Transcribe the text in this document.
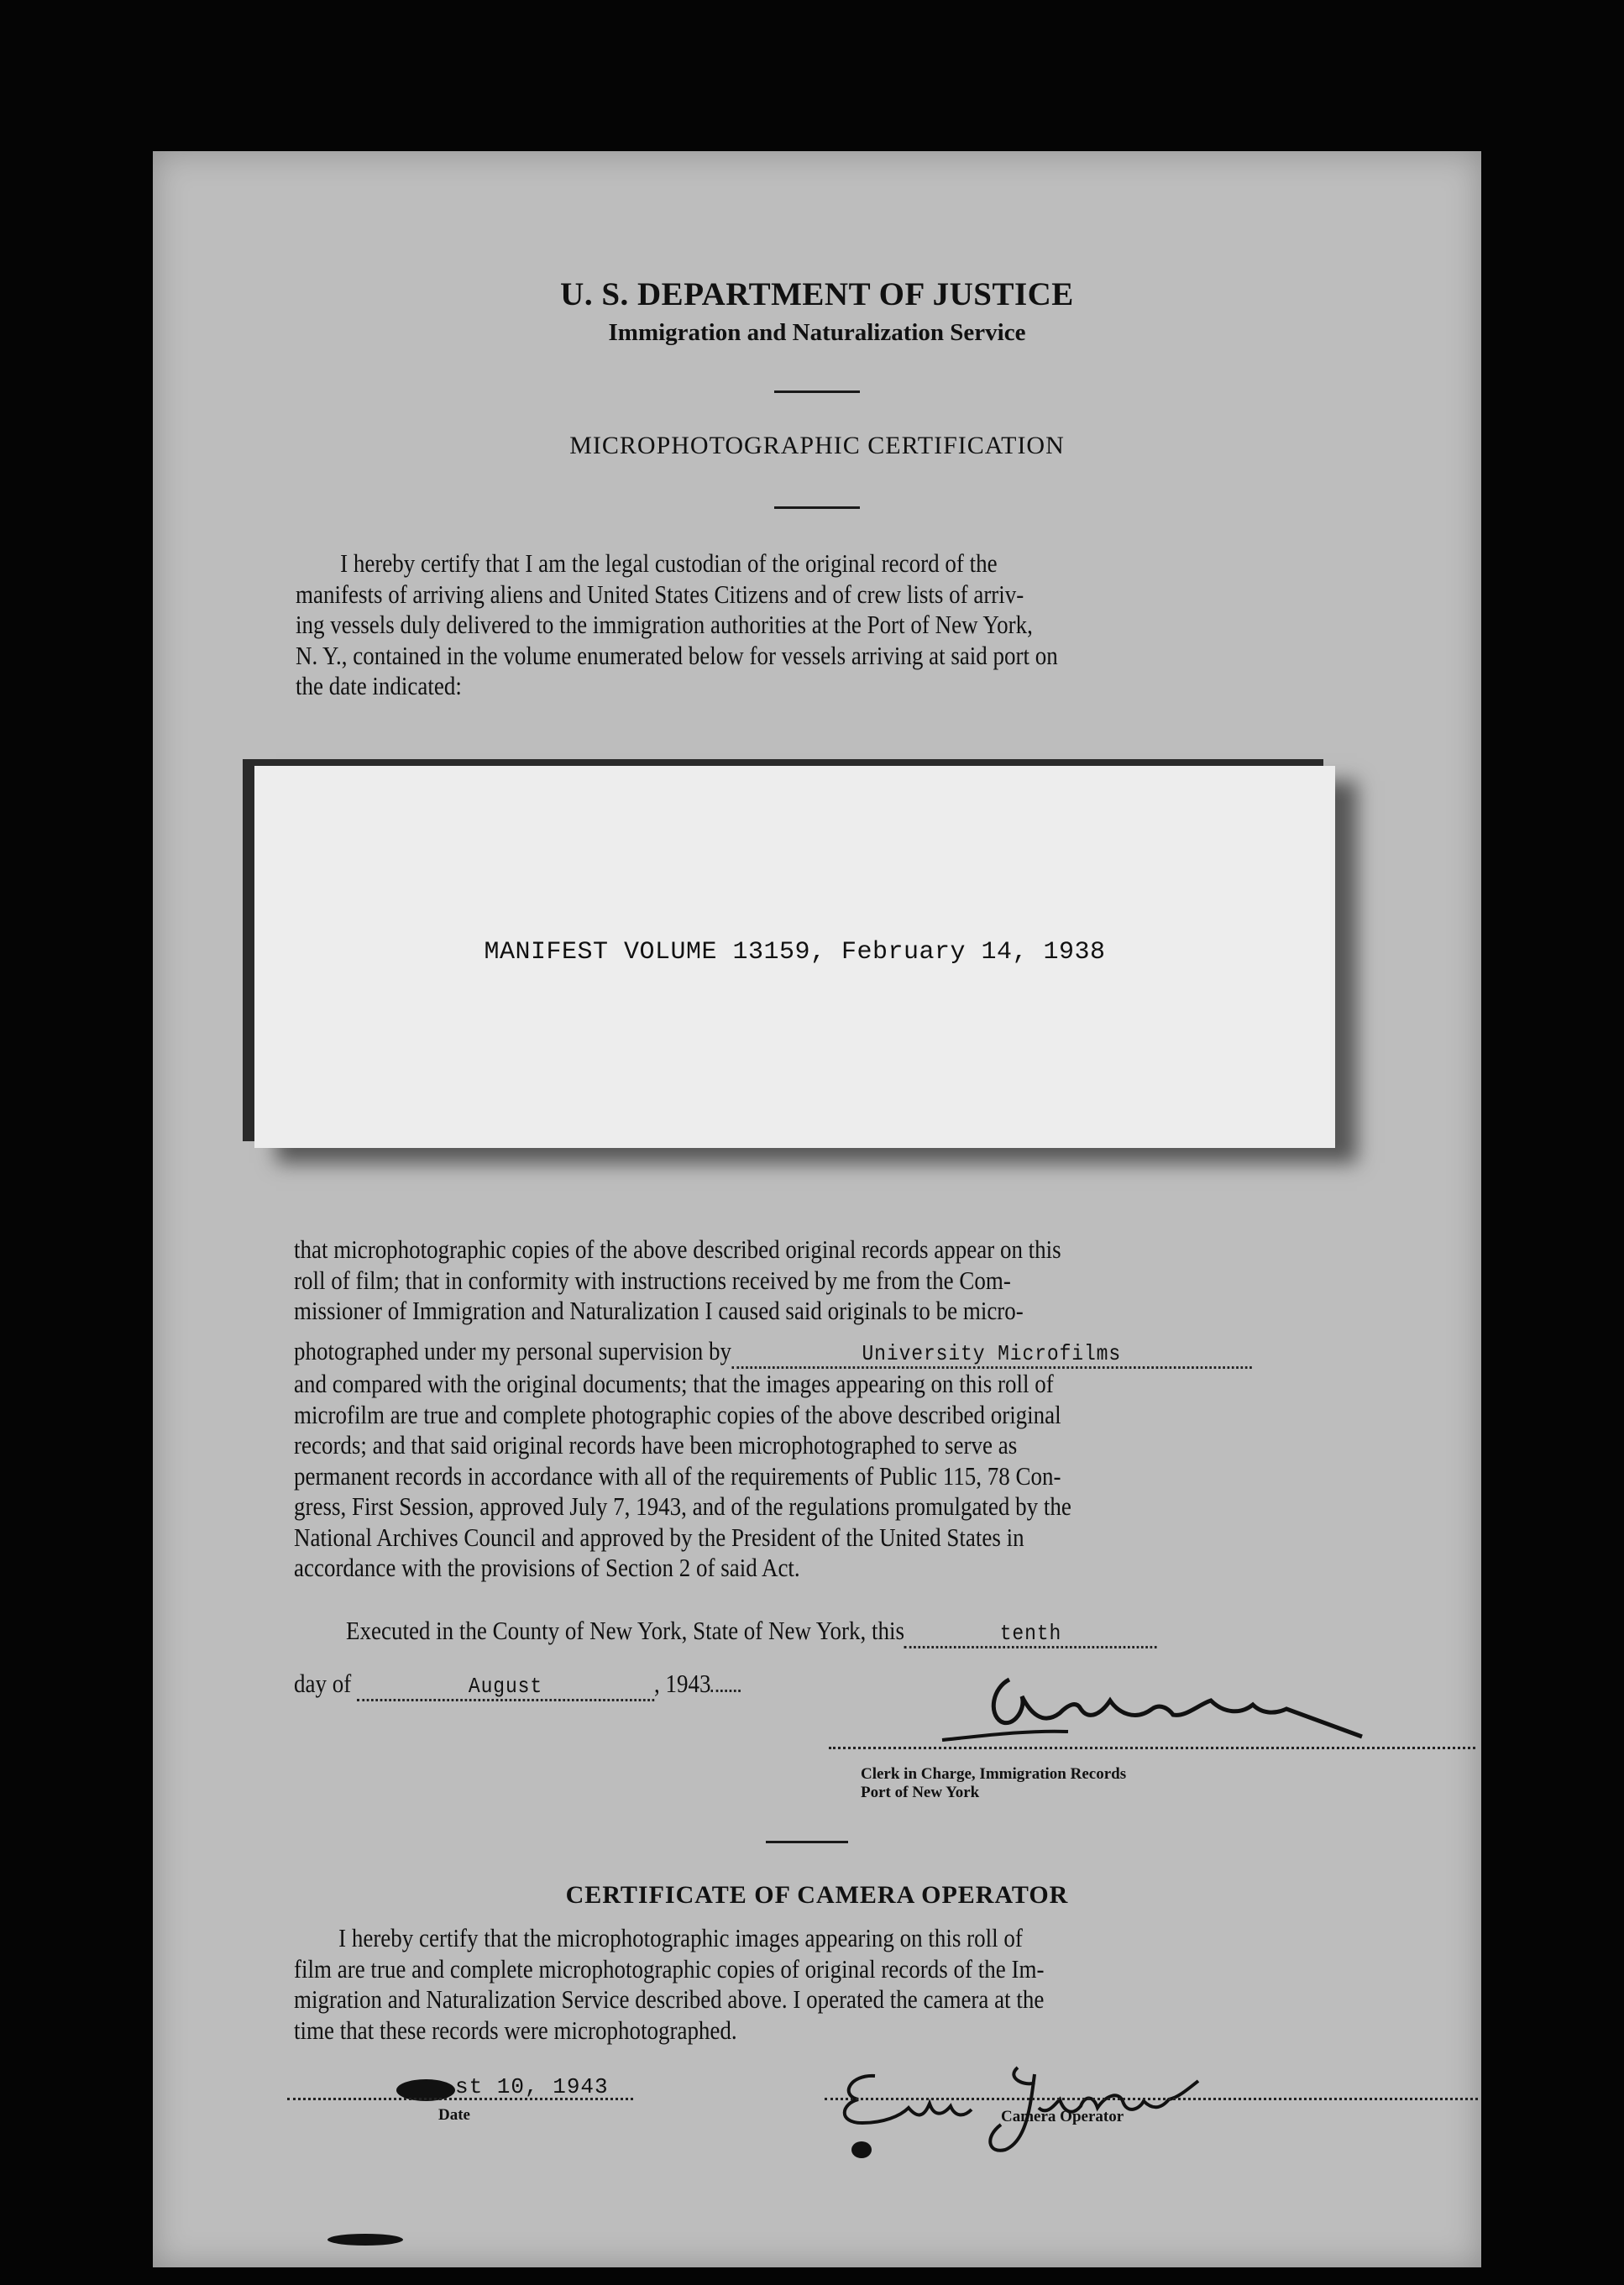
U. S. DEPARTMENT OF JUSTICE
Immigration and Naturalization Service
MICROPHOTOGRAPHIC CERTIFICATION
I hereby certify that I am the legal custodian of the original record of the
manifests of arriving aliens and United States Citizens and of crew lists of arriv-
ing vessels duly delivered to the immigration authorities at the Port of New York,
N. Y., contained in the volume enumerated below for vessels arriving at said port on
the date indicated:
MANIFEST VOLUME 13159, February 14, 1938
that microphotographic copies of the above described original records appear on this
roll of film; that in conformity with instructions received by me from the Com-
missioner of Immigration and Naturalization I caused said originals to be micro-
photographed under my personal supervision by	University Microfilms
and compared with the original documents; that the images appearing on this roll of
microfilm are true and complete photographic copies of the above described original
records; and that said original records have been microphotographed to serve as
permanent records in accordance with all of the requirements of Public 115, 78 Con-
gress, First Session, approved July 7, 1943, and of the regulations promulgated by the
National Archives Council and approved by the President of the United States in
accordance with the provisions of Section 2 of said Act.
Executed in the County of New York, State of New York, this	tenth
day of	August	, 1943
Clerk in Charge, Immigration Records
Port of New York
CERTIFICATE OF CAMERA OPERATOR
I hereby certify that the microphotographic images appearing on this roll of
film are true and complete microphotographic copies of original records of the Im-
migration and Naturalization Service described above. I operated the camera at the
time that these records were microphotographed.
st 10, 1943
Date	Camera Operator
